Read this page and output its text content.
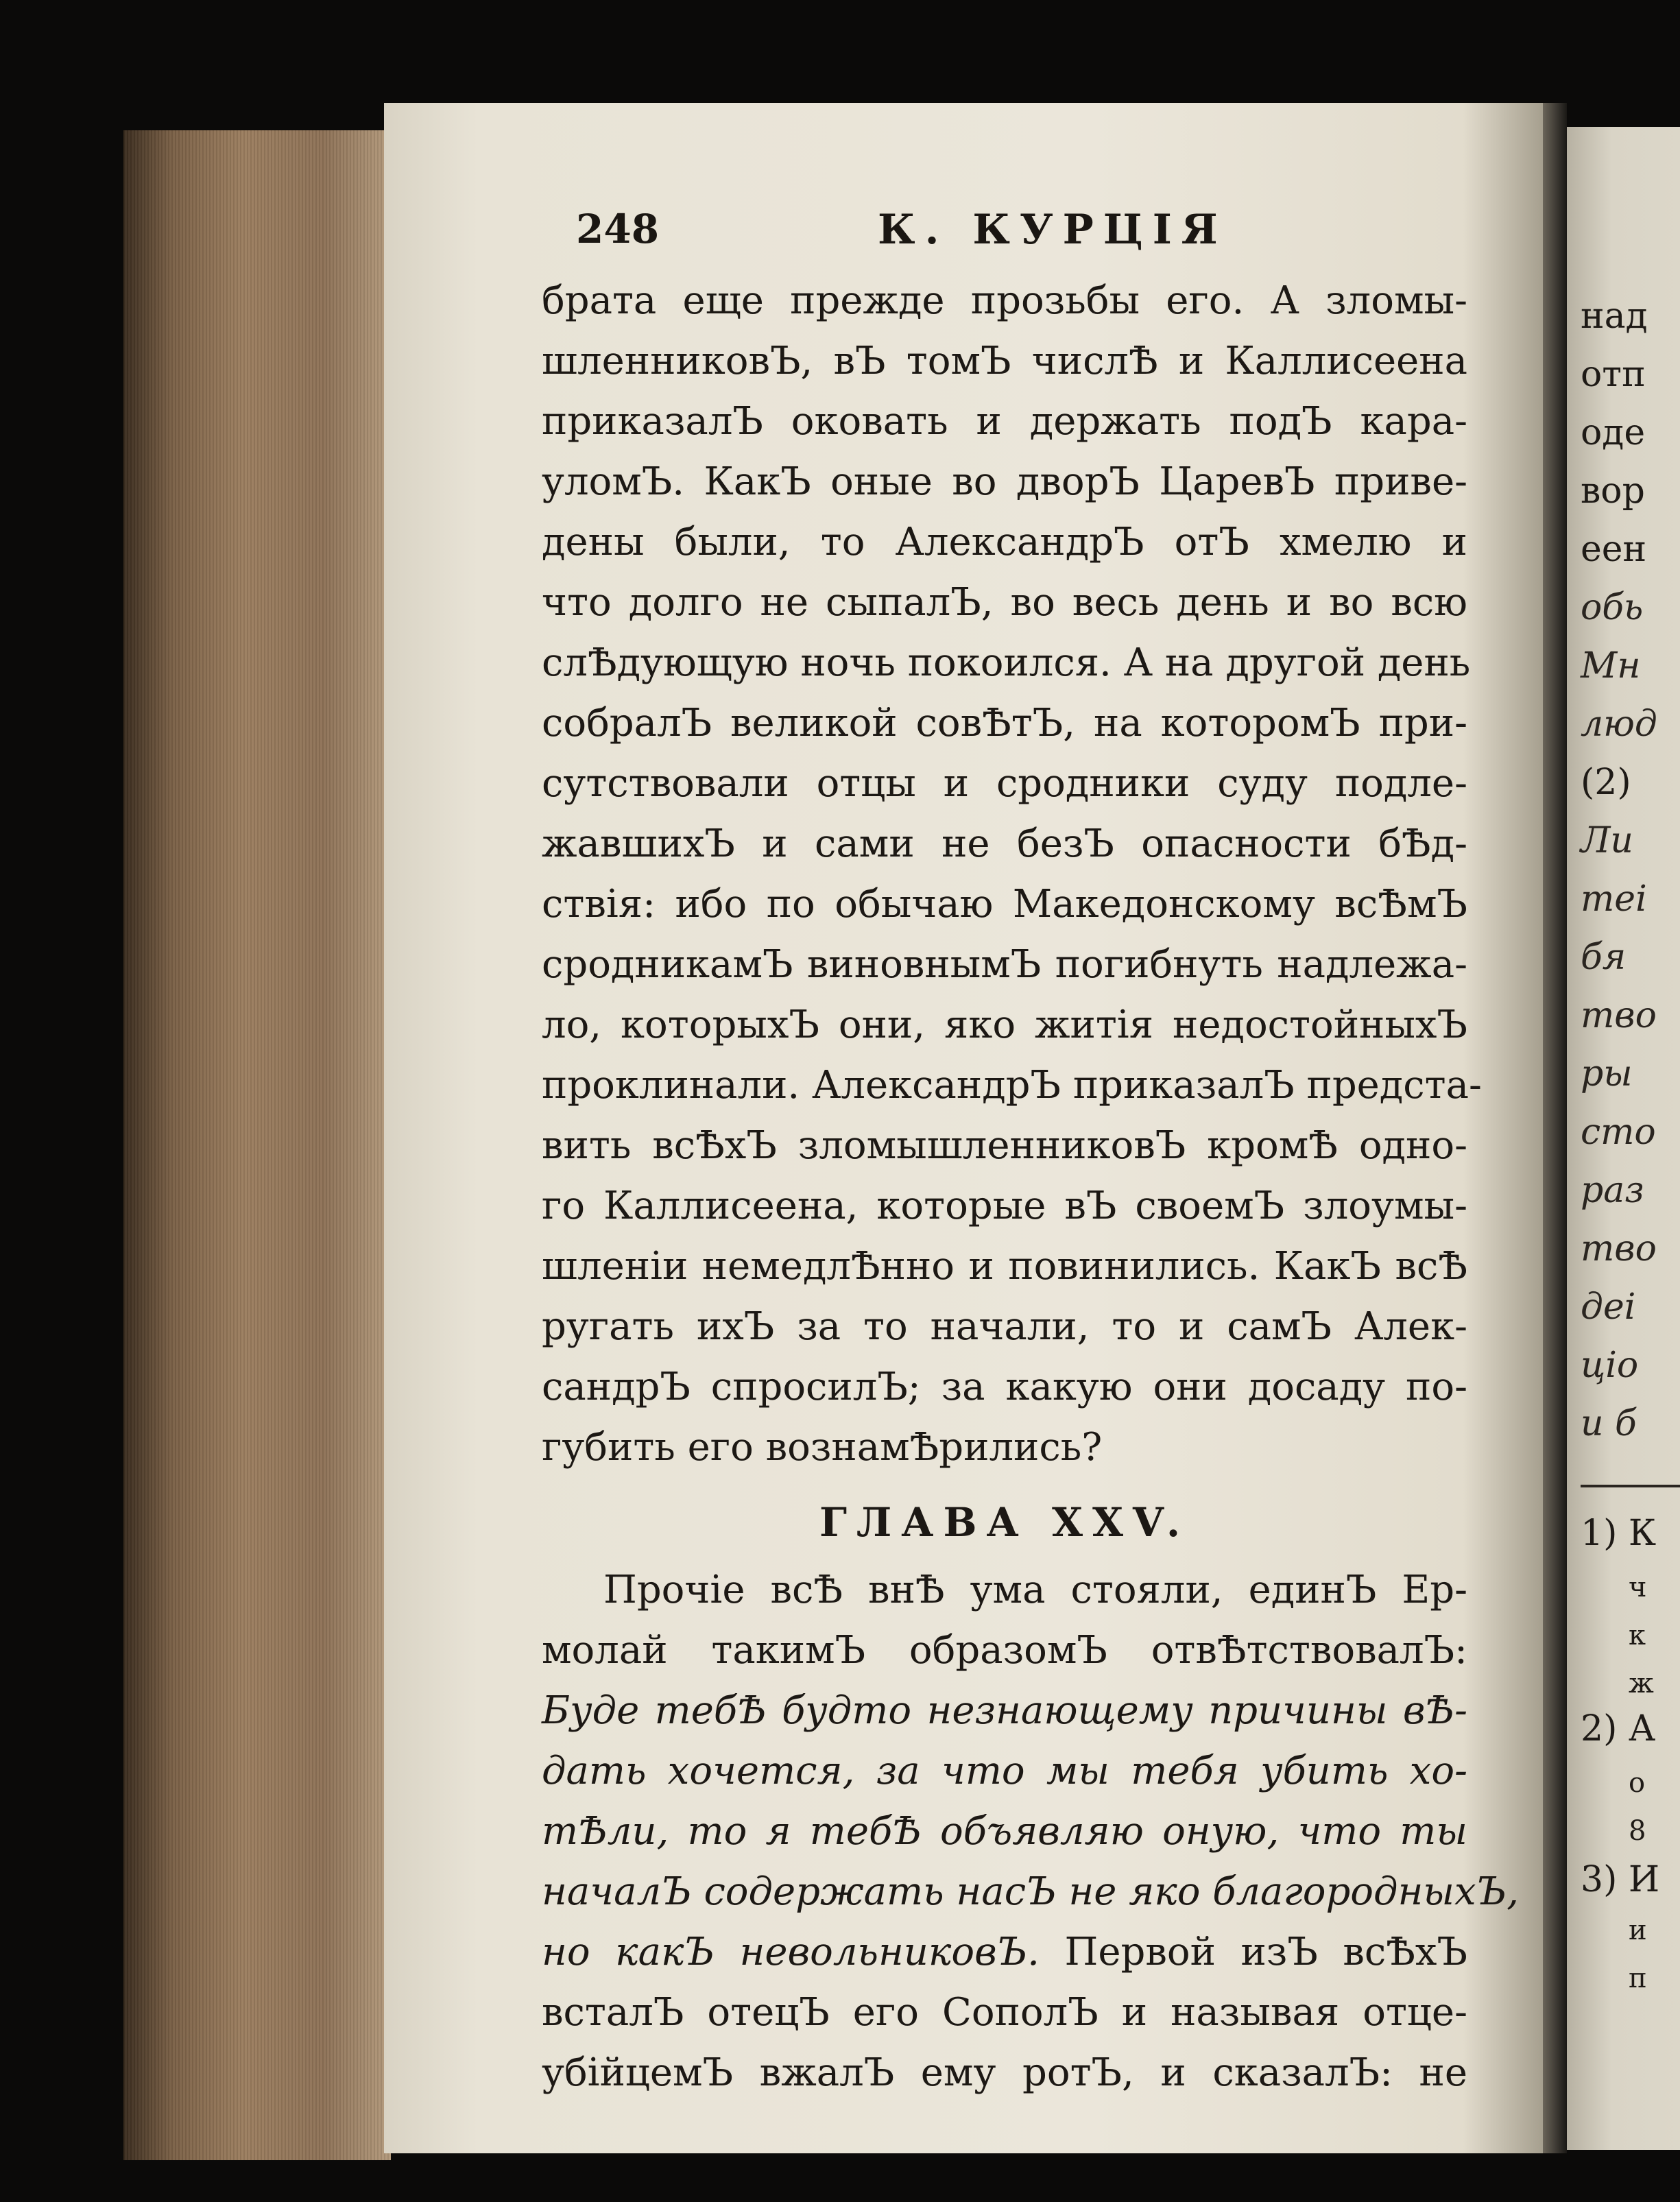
над
отп
оде
вор
еен
обь
Мн
люд
(2)
Ли
теі
бя
тво
ры
сто
раз
тво
деі
ціо
и б
1) К
ч
к
ж
2) А
о
8
3) И
и
п
248	К. КУРЦІЯ
брата еще прежде прозьбы его. А зломы-
шленниковЪ, вЪ томЪ числѢ и Каллисеена
приказалЪ оковать и держать подЪ кара-
уломЪ. КакЪ оные во дворЪ ЦаревЪ приве-
дены были, то АлександрЪ отЪ хмелю и
что долго не сыпалЪ, во весь день и во всю
слѢдующую ночь покоился. А на другой день
собралЪ великой совѢтЪ, на которомЪ при-
сутствовали отцы и сродники суду подле-
жавшихЪ и сами не безЪ опасности бѢд-
ствія: ибо по обычаю Македонскому всѢмЪ
сродникамЪ виновнымЪ погибнуть надлежа-
ло, которыхЪ они, яко житія недостойныхЪ
проклинали. АлександрЪ приказалЪ предста-
вить всѢхЪ зломышленниковЪ кромѢ одно-
го Каллисеена, которые вЪ своемЪ злоумы-
шленіи немедлѢнно и повинились. КакЪ всѢ
ругать ихЪ за то начали, то и самЪ Алек-
сандрЪ спросилЪ; за какую они досаду по-
губить его вознамѢрились?
ГЛАВА XXV.
Прочіе всѢ внѢ ума стояли, единЪ Ер-
молай такимЪ образомЪ отвѢтствовалЪ:
Буде тебѢ будто незнающему причины вѢ-
дать хочется, за что мы тебя убить хо-
тѢли, то я тебѢ объявляю оную, что ты
началЪ содержать насЪ не яко благородныхЪ,
но какЪ невольниковЪ. Первой изЪ всѢхЪ
всталЪ отецЪ его СополЪ и называя отце-
убійцемЪ вжалЪ ему ротЪ, и сказалЪ: не
